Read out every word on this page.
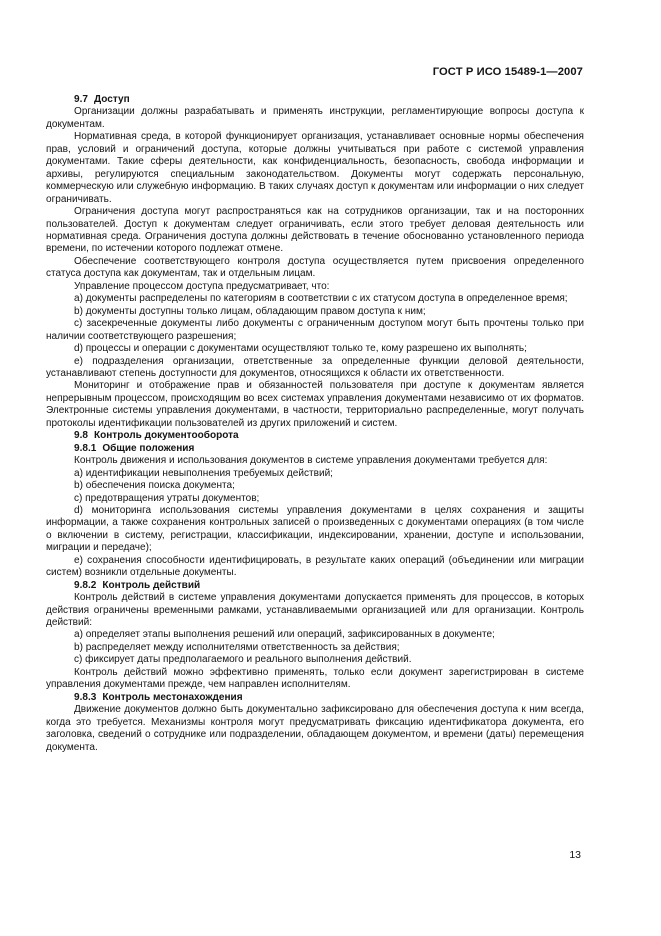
ГОСТ Р ИСО 15489-1—2007

9.7 Доступ

Организации должны разрабатывать и применять инструкции, регламентирующие вопросы доступа к документам.

Нормативная среда, в которой функционирует организация, устанавливает основные нормы обеспечения прав, условий и ограничений доступа, которые должны учитываться при работе с системой управления документами. Такие сферы деятельности, как конфиденциальность, безопасность, свобода информации и архивы, регулируются специальным законодательством. Документы могут содержать персональную, коммерческую или служебную информацию. В таких случаях доступ к документам или информации о них следует ограничивать.

Ограничения доступа могут распространяться как на сотрудников организации, так и на посторонних пользователей. Доступ к документам следует ограничивать, если этого требует деловая деятельность или нормативная среда. Ограничения доступа должны действовать в течение обоснованно установленного периода времени, по истечении которого подлежат отмене.

Обеспечение соответствующего контроля доступа осуществляется путем присвоения определенного статуса доступа как документам, так и отдельным лицам.

Управление процессом доступа предусматривает, что:

а) документы распределены по категориям в соответствии с их статусом доступа в определенное время;

b) документы доступны только лицам, обладающим правом доступа к ним;

с) засекреченные документы либо документы с ограниченным доступом могут быть прочтены только при наличии соответствующего разрешения;

d) процессы и операции с документами осуществляют только те, кому разрешено их выполнять;

е) подразделения организации, ответственные за определенные функции деловой деятельности, устанавливают степень доступности для документов, относящихся к области их ответственности.

Мониторинг и отображение прав и обязанностей пользователя при доступе к документам является непрерывным процессом, происходящим во всех системах управления документами независимо от их форматов. Электронные системы управления документами, в частности, территориально распределенные, могут получать протоколы идентификации пользователей из других приложений и систем.

9.8 Контроль документооборота

9.8.1 Общие положения

Контроль движения и использования документов в системе управления документами требуется для:

а) идентификации невыполнения требуемых действий;

b) обеспечения поиска документа;

с) предотвращения утраты документов;

d) мониторинга использования системы управления документами в целях сохранения и защиты информации, а также сохранения контрольных записей о произведенных с документами операциях (в том числе о включении в систему, регистрации, классификации, индексировании, хранении, доступе и использовании, миграции и передаче);

е) сохранения способности идентифицировать, в результате каких операций (объединении или миграции систем) возникли отдельные документы.

9.8.2 Контроль действий

Контроль действий в системе управления документами допускается применять для процессов, в которых действия ограничены временными рамками, устанавливаемыми организацией или для организации. Контроль действий:

а) определяет этапы выполнения решений или операций, зафиксированных в документе;

b) распределяет между исполнителями ответственность за действия;

с) фиксирует даты предполагаемого и реального выполнения действий.

Контроль действий можно эффективно применять, только если документ зарегистрирован в системе управления документами прежде, чем направлен исполнителям.

9.8.3 Контроль местонахождения

Движение документов должно быть документально зафиксировано для обеспечения доступа к ним всегда, когда это требуется. Механизмы контроля могут предусматривать фиксацию идентификатора документа, его заголовка, сведений о сотруднике или подразделении, обладающем документом, и времени (даты) перемещения документа.

13
